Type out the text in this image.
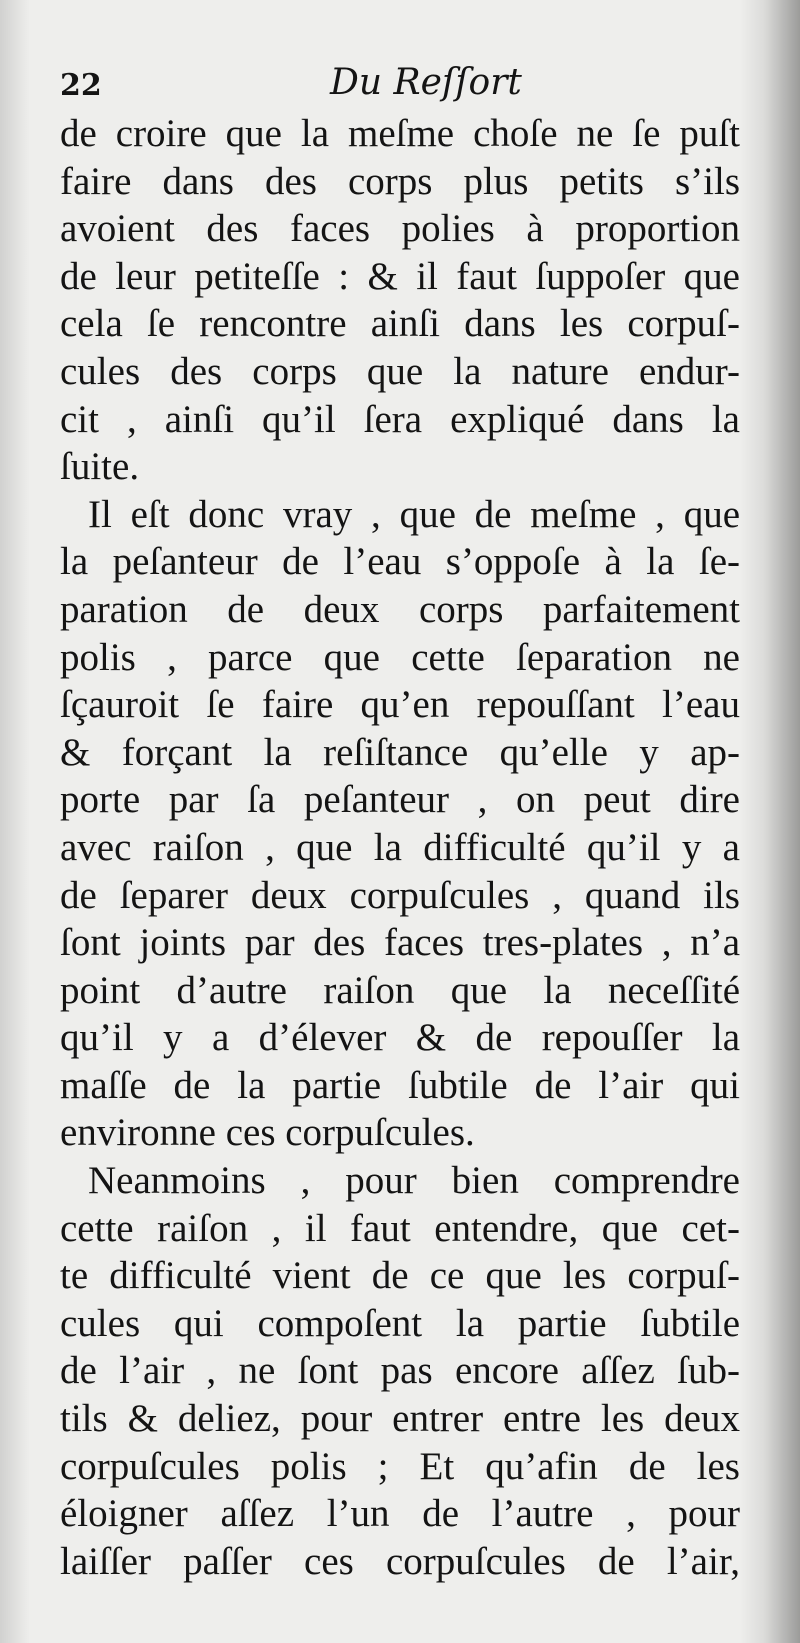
22	Du Reſſort
de croire que la meſme choſe ne ſe puſt
faire dans des corps plus petits s’ils
avoient des faces polies à proportion
de leur petiteſſe : & il faut ſuppoſer que
cela ſe rencontre ainſi dans les corpuſ-
cules des corps que la nature endur-
cit , ainſi qu’il ſera expliqué dans la
ſuite.
Il eſt donc vray , que de meſme , que
la peſanteur de l’eau s’oppoſe à la ſe-
paration de deux corps parfaitement
polis , parce que cette ſeparation ne
ſçauroit ſe faire qu’en repouſſant l’eau
& forçant la reſiſtance qu’elle y ap-
porte par ſa peſanteur , on peut dire
avec raiſon , que la difficulté qu’il y a
de ſeparer deux corpuſcules , quand ils
ſont joints par des faces tres-plates , n’a
point d’autre raiſon que la neceſſité
qu’il y a d’élever & de repouſſer la
maſſe de la partie ſubtile de l’air qui
environne ces corpuſcules.
Neanmoins , pour bien comprendre
cette raiſon , il faut entendre, que cet-
te difficulté vient de ce que les corpuſ-
cules qui compoſent la partie ſubtile
de l’air , ne ſont pas encore aſſez ſub-
tils & deliez, pour entrer entre les deux
corpuſcules polis ; Et qu’afin de les
éloigner aſſez l’un de l’autre , pour
laiſſer paſſer ces corpuſcules de l’air,
